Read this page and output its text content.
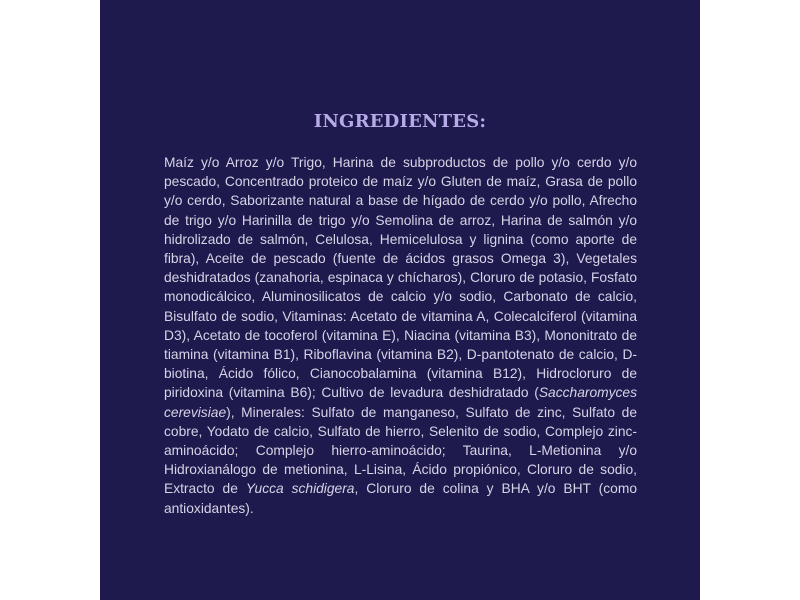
INGREDIENTES:
Maíz y/o Arroz y/o Trigo, Harina de subproductos de pollo y/o cerdo y/o pescado, Concentrado proteico de maíz y/o Gluten de maíz, Grasa de pollo y/o cerdo, Saborizante natural a base de hígado de cerdo y/o pollo, Afrecho de trigo y/o Harinilla de trigo y/o Semolina de arroz, Harina de salmón y/o hidrolizado de salmón, Celulosa, Hemicelulosa y lignina (como aporte de fibra), Aceite de pescado (fuente de ácidos grasos Omega 3), Vegetales deshidratados (zanahoria, espinaca y chícharos), Cloruro de potasio, Fosfato monodicálcico, Aluminosilicatos de calcio y/o sodio, Carbonato de calcio, Bisulfato de sodio, Vitaminas: Acetato de vitamina A, Colecalciferol (vitamina D3), Acetato de tocoferol (vitamina E), Niacina (vitamina B3), Mononitrato de tiamina (vitamina B1), Riboflavina (vitamina B2), D-pantotenato de calcio, D-biotina, Ácido fólico, Cianocobalamina (vitamina B12), Hidrocloruro de piridoxina (vitamina B6); Cultivo de levadura deshidratado (Saccharomyces cerevisiae), Minerales: Sulfato de manganeso, Sulfato de zinc, Sulfato de cobre, Yodato de calcio, Sulfato de hierro, Selenito de sodio, Complejo zinc-aminoácido; Complejo hierro-aminoácido; Taurina, L-Metionina y/o Hidroxianálogo de metionina, L-Lisina, Ácido propiónico, Cloruro de sodio, Extracto de Yucca schidigera, Cloruro de colina y BHA y/o BHT (como antioxidantes).
